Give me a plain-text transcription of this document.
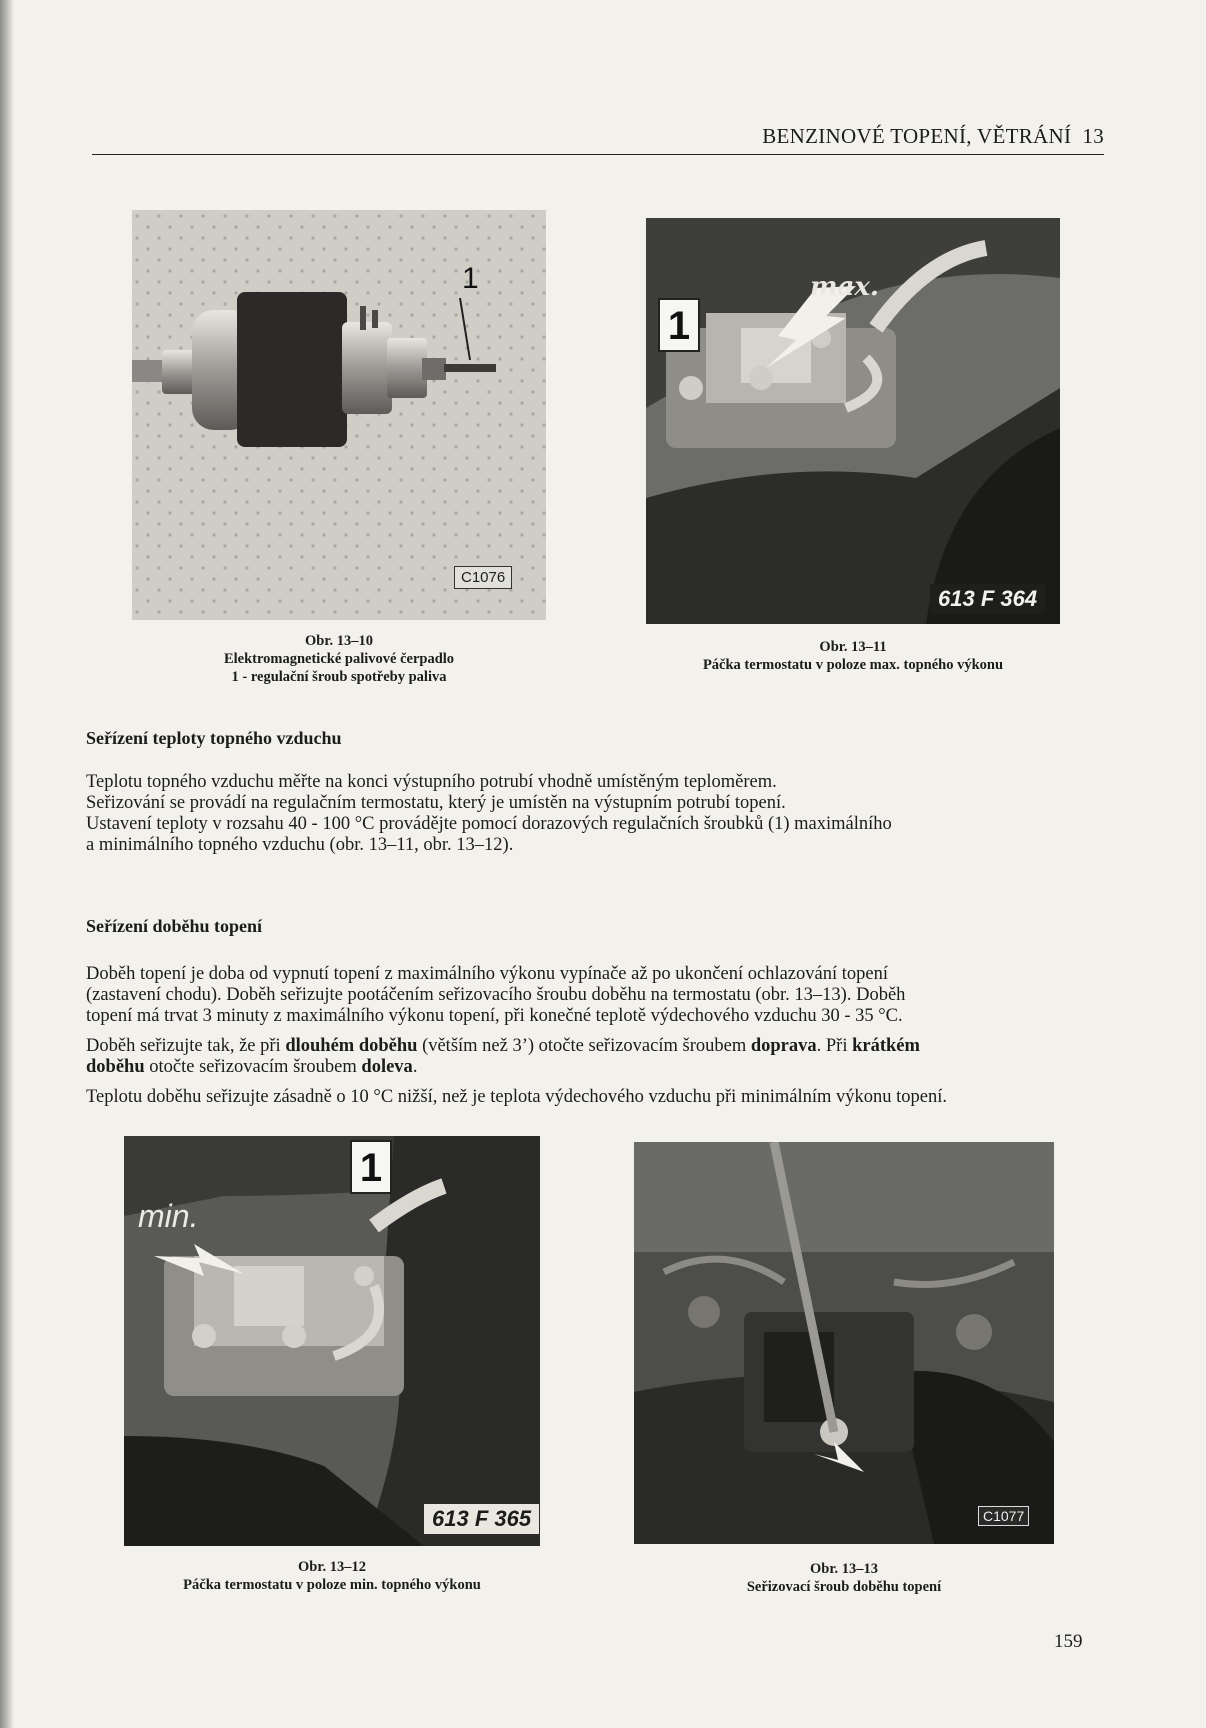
BENZINOVÉ TOPENÍ, VĚTRÁNÍ 13
1
C1076
Obr. 13–10
Elektromagnetické palivové čerpadlo
1 - regulační šroub spotřeby paliva
1
max.
613 F 364
Obr. 13–11
Páčka termostatu v poloze max. topného výkonu
Seřízení teploty topného vzduchu

Teplotu topného vzduchu měřte na konci výstupního potrubí vhodně umístěným teploměrem.

Seřizování se provádí na regulačním termostatu, který je umístěn na výstupním potrubí topení.

Ustavení teploty v rozsahu 40 - 100 °C provádějte pomocí dorazových regulačních šroubků (1) maximálního

a minimálního topného vzduchu (obr. 13–11, obr. 13–12).

Seřízení doběhu topení

Doběh topení je doba od vypnutí topení z maximálního výkonu vypínače až po ukončení ochlazování topení

(zastavení chodu). Doběh seřizujte pootáčením seřizovacího šroubu doběhu na termostatu (obr. 13–13). Doběh

topení má trvat 3 minuty z maximálního výkonu topení, při konečné teplotě výdechového vzduchu 30 - 35 °C.

Doběh seřizujte tak, že při dlouhém doběhu (větším než 3’) otočte seřizovacím šroubem doprava. Při krátkém
doběhu otočte seřizovacím šroubem doleva.

Teplotu doběhu seřizujte zásadně o 10 °C nižší, než je teplota výdechového vzduchu při minimálním výkonu topení.

1
min.
613 F 365
Obr. 13–12
Páčka termostatu v poloze min. topného výkonu
C1077
Obr. 13–13
Seřizovací šroub doběhu topení
159
